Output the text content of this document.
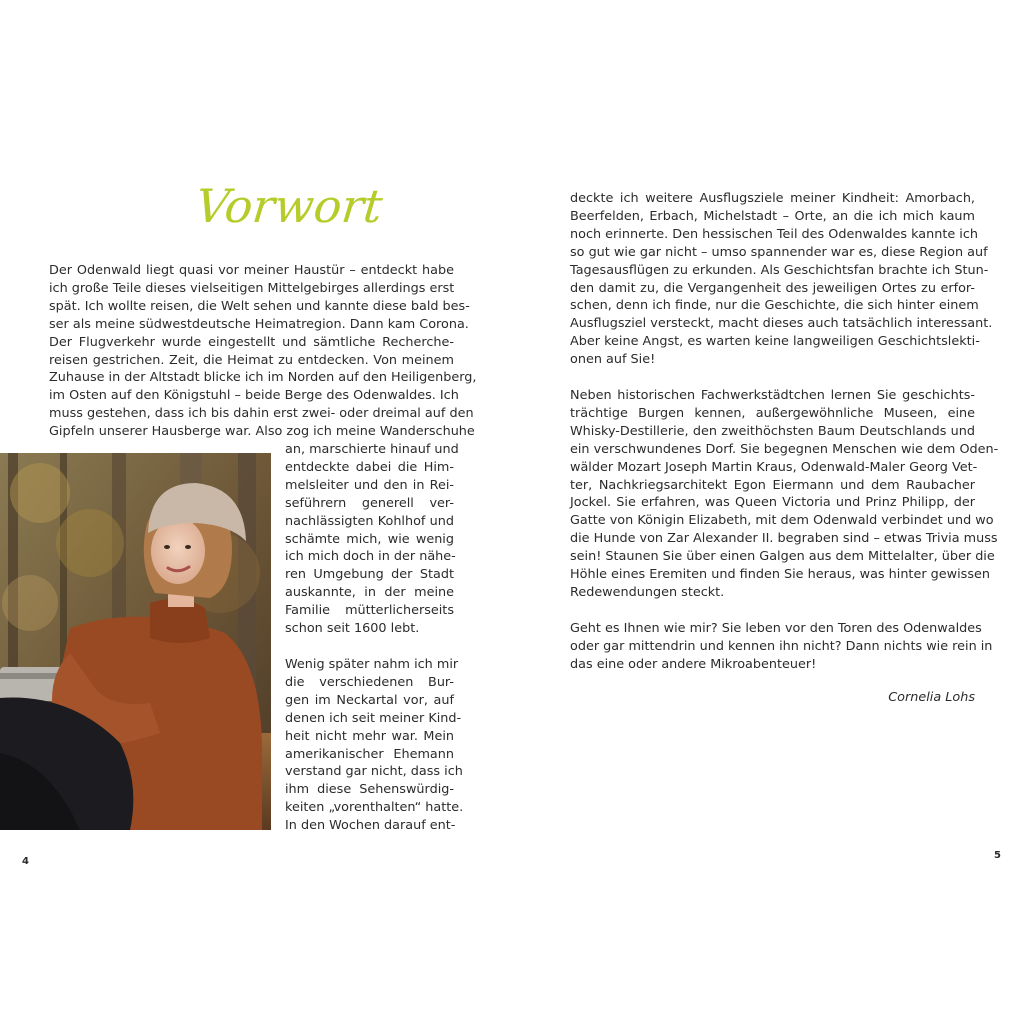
Vorwort
Der Odenwald liegt quasi vor meiner Haustür – entdeckt habe
ich große Teile dieses vielseitigen Mittelgebirges allerdings erst
spät. Ich wollte reisen, die Welt sehen und kannte diese bald bes-
ser als meine südwestdeutsche Heimatregion. Dann kam Corona.
Der Flugverkehr wurde eingestellt und sämtliche Recherche-
reisen gestrichen. Zeit, die Heimat zu entdecken. Von meinem
Zuhause in der Altstadt blicke ich im Norden auf den Heiligenberg,
im Osten auf den Königstuhl – beide Berge des Odenwaldes. Ich
muss gestehen, dass ich bis dahin erst zwei- oder dreimal auf den
Gipfeln unserer Hausberge war. Also zog ich meine Wanderschuhe
an, marschierte hinauf und
entdeckte dabei die Him-
melsleiter und den in Rei-
seführern generell ver-
nachlässigten Kohlhof und
schämte mich, wie wenig
ich mich doch in der nähe-
ren Umgebung der Stadt
auskannte, in der meine
Familie mütterlicherseits
schon seit 1600 lebt.
Wenig später nahm ich mir
die verschiedenen Bur-
gen im Neckartal vor, auf
denen ich seit meiner Kind-
heit nicht mehr war. Mein
amerikanischer Ehemann
verstand gar nicht, dass ich
ihm diese Sehenswürdig-
keiten „vorenthalten“ hatte.
In den Wochen darauf ent-
4
deckte ich weitere Ausflugsziele meiner Kindheit: Amorbach,
Beerfelden, Erbach, Michelstadt – Orte, an die ich mich kaum
noch erinnerte. Den hessischen Teil des Odenwaldes kannte ich
so gut wie gar nicht – umso spannender war es, diese Region auf
Tagesausflügen zu erkunden. Als Geschichtsfan brachte ich Stun-
den damit zu, die Vergangenheit des jeweiligen Ortes zu erfor-
schen, denn ich finde, nur die Geschichte, die sich hinter einem
Ausflugsziel versteckt, macht dieses auch tatsächlich interessant.
Aber keine Angst, es warten keine langweiligen Geschichtslekti-
onen auf Sie!
Neben historischen Fachwerkstädtchen lernen Sie geschichts-
trächtige Burgen kennen, außergewöhnliche Museen, eine
Whisky-Destillerie, den zweithöchsten Baum Deutschlands und
ein verschwundenes Dorf. Sie begegnen Menschen wie dem Oden-
wälder Mozart Joseph Martin Kraus, Odenwald-Maler Georg Vet-
ter, Nachkriegsarchitekt Egon Eiermann und dem Raubacher
Jockel. Sie erfahren, was Queen Victoria und Prinz Philipp, der
Gatte von Königin Elizabeth, mit dem Odenwald verbindet und wo
die Hunde von Zar Alexander II. begraben sind – etwas Trivia muss
sein! Staunen Sie über einen Galgen aus dem Mittelalter, über die
Höhle eines Eremiten und finden Sie heraus, was hinter gewissen
Redewendungen steckt.
Geht es Ihnen wie mir? Sie leben vor den Toren des Odenwaldes
oder gar mittendrin und kennen ihn nicht? Dann nichts wie rein in
das eine oder andere Mikroabenteuer!
Cornelia Lohs
5
